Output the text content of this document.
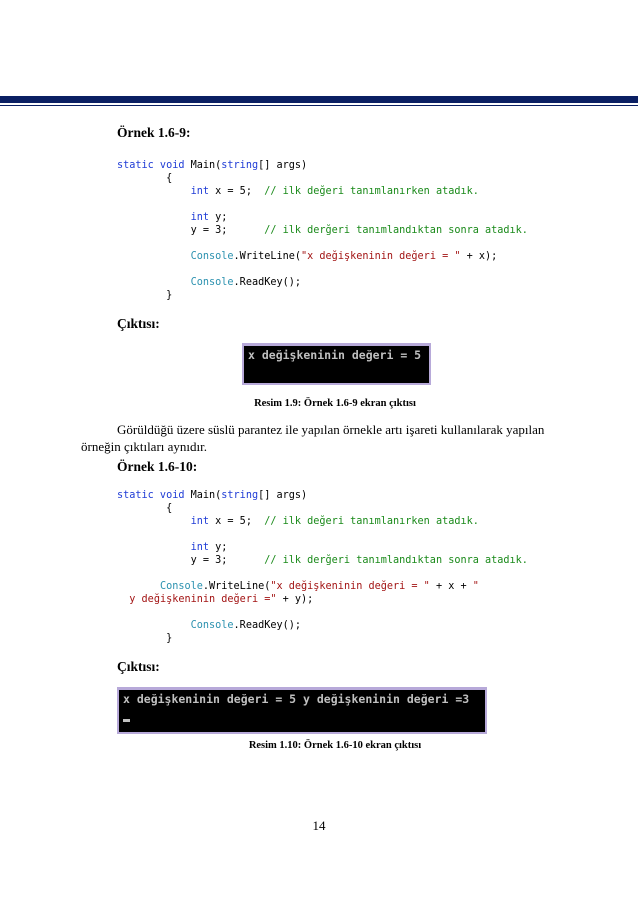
Örnek 1.6-9:
static void Main(string[] args)
{
int x = 5;  // ilk değeri tanımlanırken atadık.
int y;
y = 3;      // ilk derğeri tanımlandıktan sonra atadık.
Console.WriteLine("x değişkeninin değeri = " + x);
Console.ReadKey();
}
Çıktısı:
x değişkeninin değeri = 5
Resim 1.9: Örnek 1.6-9 ekran çıktısı
Görüldüğü üzere süslü parantez ile yapılan örnekle artı işareti kullanılarak yapılan
örneğin çıktıları aynıdır.
Örnek 1.6-10:
static void Main(string[] args)
{
int x = 5;  // ilk değeri tanımlanırken atadık.
int y;
y = 3;      // ilk derğeri tanımlandıktan sonra atadık.
Console.WriteLine("x değişkeninin değeri = " + x + "
y değişkeninin değeri =" + y);
Console.ReadKey();
}
Çıktısı:
x değişkeninin değeri = 5 y değişkeninin değeri =3
Resim 1.10: Örnek 1.6-10 ekran çıktısı
14
